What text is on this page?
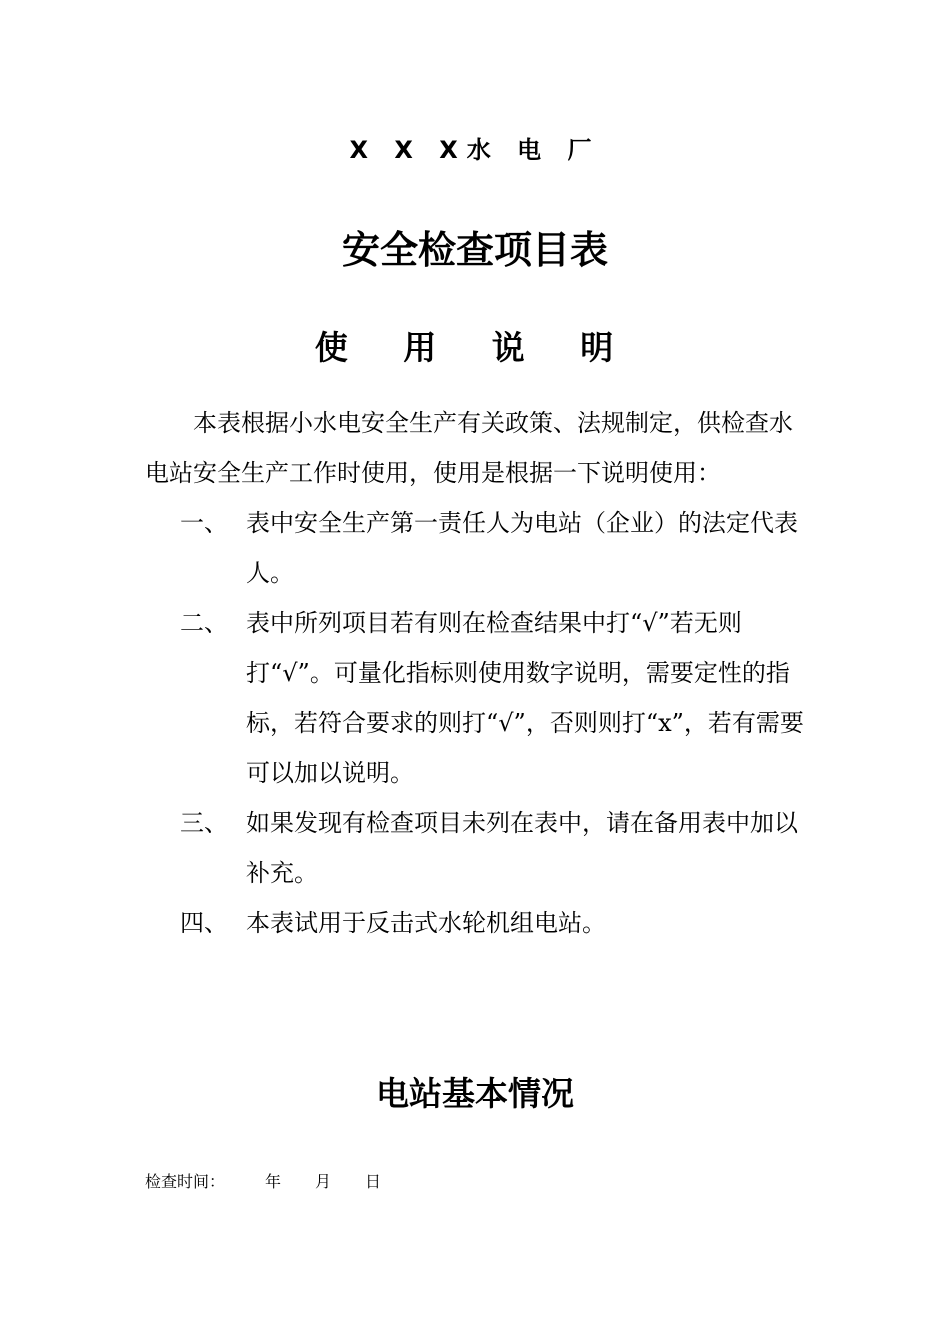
X X X水 电 厂
安全检查项目表
使 用 说 明

本表根据小水电安全生产有关政策、法规制定，供检查水电站安全生产工作时使用，使用是根据一下说明使用：

一、 表中安全生产第一责任人为电站（企业）的法定代表人。
二、 表中所列项目若有则在检查结果中打“√”若无则打“√”。可量化指标则使用数字说明，需要定性的指标，若符合要求的则打“√”，否则则打“x”，若有需要可以加以说明。
三、 如果发现有检查项目未列在表中，请在备用表中加以补充。
四、 本表试用于反击式水轮机组电站。
电站基本情况
检查时间： 年 月 日
